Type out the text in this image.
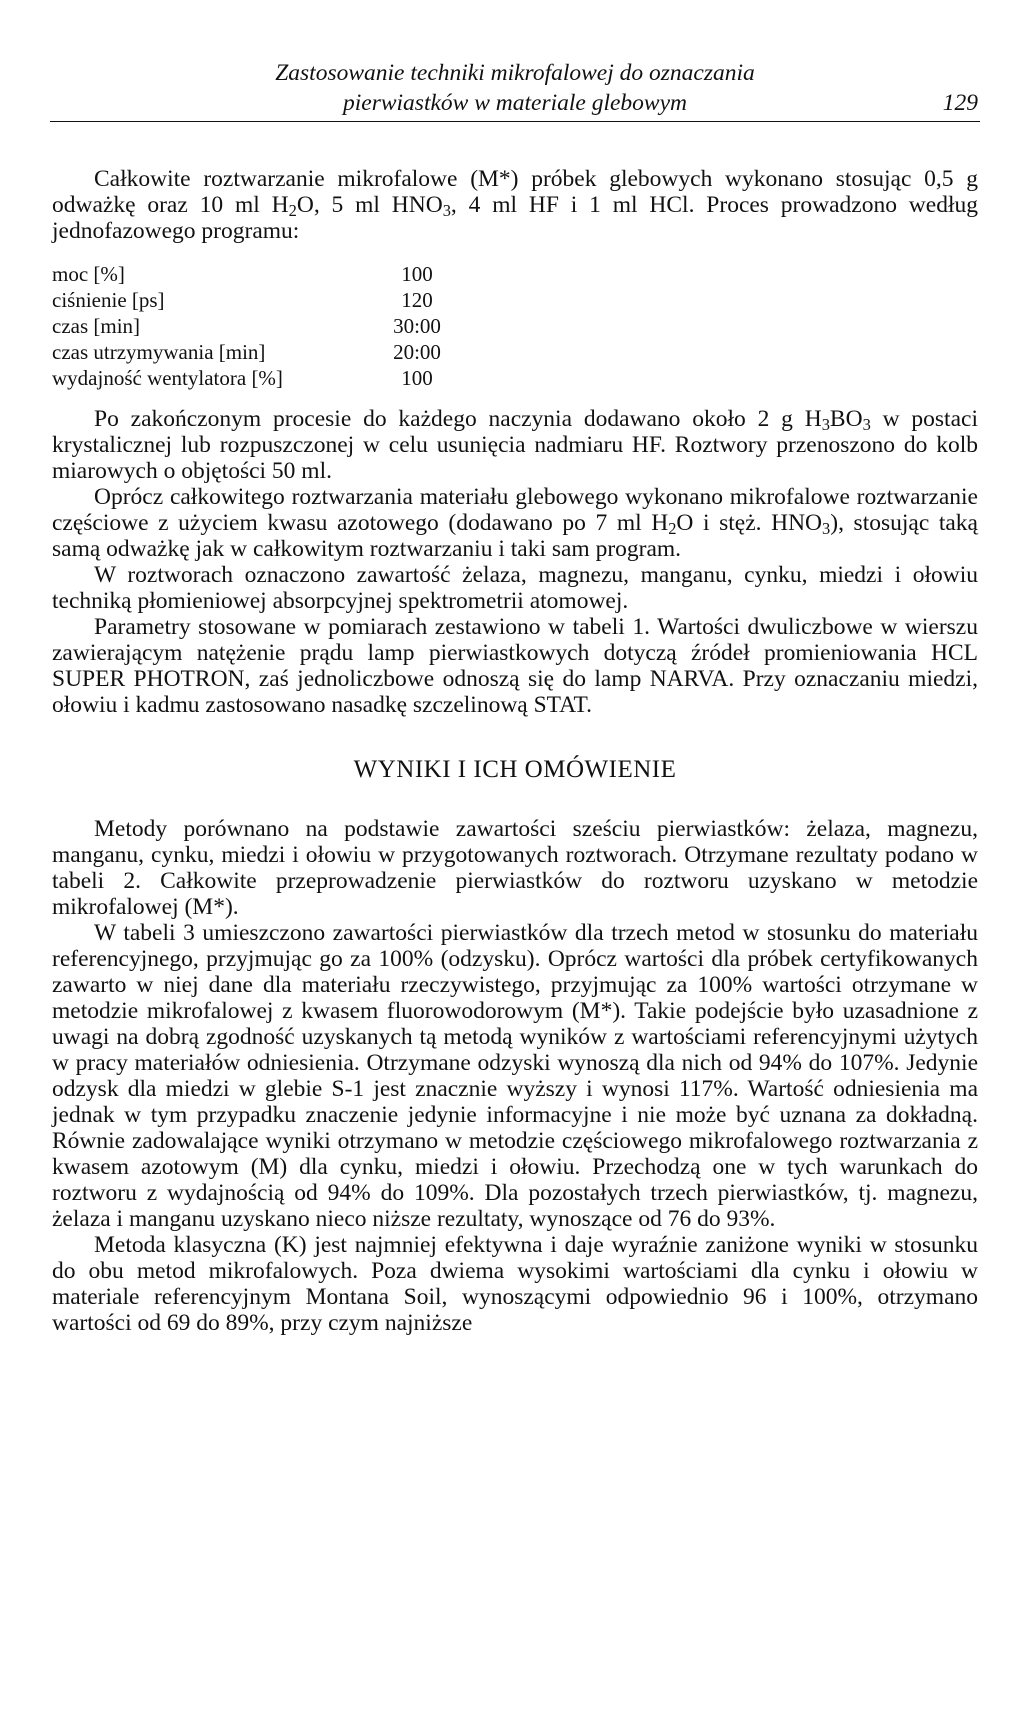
Zastosowanie techniki mikrofalowej do oznaczania
pierwiastków w materiale glebowym	129

Całkowite roztwarzanie mikrofalowe (M*) próbek glebowych wykonano stosując 0,5 g odważkę oraz 10 ml $H_2O$, 5 ml $HNO_3$, 4 ml HF i 1 ml HCl. Proces prowadzono według jednofazowego programu:

moc [%]	100
ciśnienie [ps]	120
czas [min]	30:00
czas utrzymywania [min]	20:00
wydajność wentylatora [%]	100

Po zakończonym procesie do każdego naczynia dodawano około 2 g $H_3BO_3$ w postaci krystalicznej lub rozpuszczonej w celu usunięcia nadmiaru HF. Roztwory przenoszono do kolb miarowych o objętości 50 ml.

Oprócz całkowitego roztwarzania materiału glebowego wykonano mikrofalowe roztwarzanie częściowe z użyciem kwasu azotowego (dodawano po 7 ml $H_2O$ i stęż. $HNO_3$), stosując taką samą odważkę jak w całkowitym roztwarzaniu i taki sam program.

W roztworach oznaczono zawartość żelaza, magnezu, manganu, cynku, miedzi i ołowiu techniką płomieniowej absorpcyjnej spektrometrii atomowej.

Parametry stosowane w pomiarach zestawiono w tabeli 1. Wartości dwuliczbowe w wierszu zawierającym natężenie prądu lamp pierwiastkowych dotyczą źródeł promieniowania HCL SUPER PHOTRON, zaś jednoliczbowe odnoszą się do lamp NARVA. Przy oznaczaniu miedzi, ołowiu i kadmu zastosowano nasadkę szczelinową STAT.

WYNIKI I ICH OMÓWIENIE

Metody porównano na podstawie zawartości sześciu pierwiastków: żelaza, magnezu, manganu, cynku, miedzi i ołowiu w przygotowanych roztworach. Otrzymane rezultaty podano w tabeli 2. Całkowite przeprowadzenie pierwiastków do roztworu uzyskano w metodzie mikrofalowej (M*).

W tabeli 3 umieszczono zawartości pierwiastków dla trzech metod w stosunku do materiału referencyjnego, przyjmując go za 100% (odzysku). Oprócz wartości dla próbek certyfikowanych zawarto w niej dane dla materiału rzeczywistego, przyjmując za 100% wartości otrzymane w metodzie mikrofalowej z kwasem fluorowodorowym (M*). Takie podejście było uzasadnione z uwagi na dobrą zgodność uzyskanych tą metodą wyników z wartościami referencyjnymi użytych w pracy materiałów odniesienia. Otrzymane odzyski wynoszą dla nich od 94% do 107%. Jedynie odzysk dla miedzi w glebie S-1 jest znacznie wyższy i wynosi 117%. Wartość odniesienia ma jednak w tym przypadku znaczenie jedynie informacyjne i nie może być uznana za dokładną. Równie zadowalające wyniki otrzymano w metodzie częściowego mikrofalowego roztwarzania z kwasem azotowym (M) dla cynku, miedzi i ołowiu. Przechodzą one w tych warunkach do roztworu z wydajnością od 94% do 109%. Dla pozostałych trzech pierwiastków, tj. magnezu, żelaza i manganu uzyskano nieco niższe rezultaty, wynoszące od 76 do 93%.

Metoda klasyczna (K) jest najmniej efektywna i daje wyraźnie zaniżone wyniki w stosunku do obu metod mikrofalowych. Poza dwiema wysokimi wartościami dla cynku i ołowiu w materiale referencyjnym Montana Soil, wynoszącymi odpowiednio 96 i 100%, otrzymano wartości od 69 do 89%, przy czym najniższe
